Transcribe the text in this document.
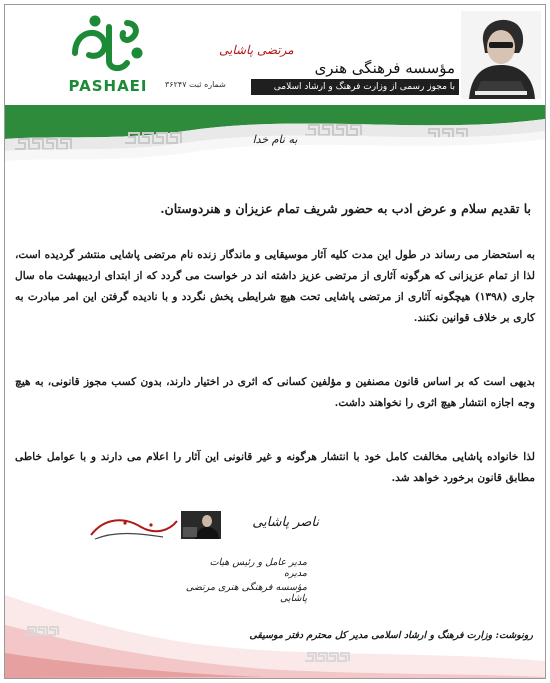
PASHAEI
مؤسسه فرهنگی هنری
مرتضی پاشایی
با مجوز رسمی از وزارت فرهنگ و ارشاد اسلامی
شماره ثبت ۳۶۲۴۷
به نام خدا
با تقدیم سلام و عرض ادب به حضور شریف تمام عزیزان و هنردوستان.
به استحضار می رساند در طول این مدت کلیه آثار موسیقایی و ماندگار زنده نام مرتضی پاشایی منتشر گردیده است، لذا از تمام عزیزانی که هرگونه آثاری از مرتضی عزیز داشته اند در خواست می گردد که از ابتدای اردیبهشت ماه سال جاری (۱۳۹۸) هیچگونه آثاری از مرتضی پاشایی تحت هیچ شرایطی پخش نگردد و با نادیده گرفتن این امر مبادرت به کاری بر خلاف قوانین نکنند.
بدیهی است که بر اساس قانون مصنفین و مؤلفین کسانی که اثری در اختیار دارند، بدون کسب مجوز قانونی، به هیچ وجه اجازه انتشار هیچ اثری را نخواهند داشت.
لذا خانواده پاشایی مخالفت کامل خود با انتشار هرگونه و غیر قانونی این آثار را اعلام می دارند و با عوامل خاطی مطابق قانون برخورد خواهد شد.
ناصر پاشایی
مدیر عامل و رئیس هیات مدیره
مؤسسه فرهنگی هنری مرتضی پاشایی
رونوشت: وزارت فرهنگ و ارشاد اسلامی مدیر کل محترم دفتر موسیقی
